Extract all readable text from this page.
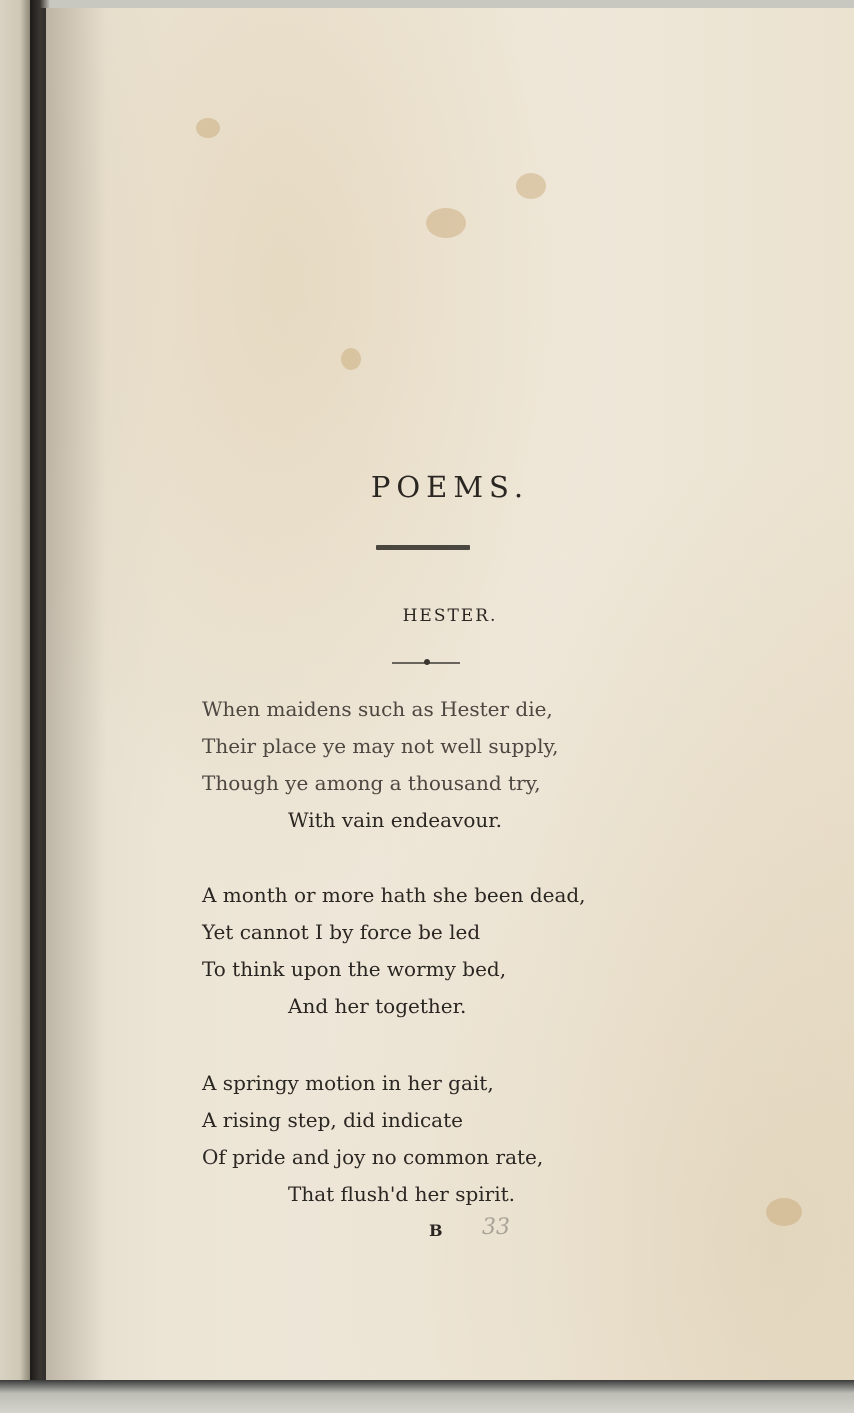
POEMS.
HESTER.
When maidens such as Hester die,
Their place ye may not well supply,
Though ye among a thousand try,
With vain endeavour.
A month or more hath she been dead,
Yet cannot I by force be led
To think upon the wormy bed,
And her together.
A springy motion in her gait,
A rising step, did indicate
Of pride and joy no common rate,
That flush'd her spirit.
B 33
